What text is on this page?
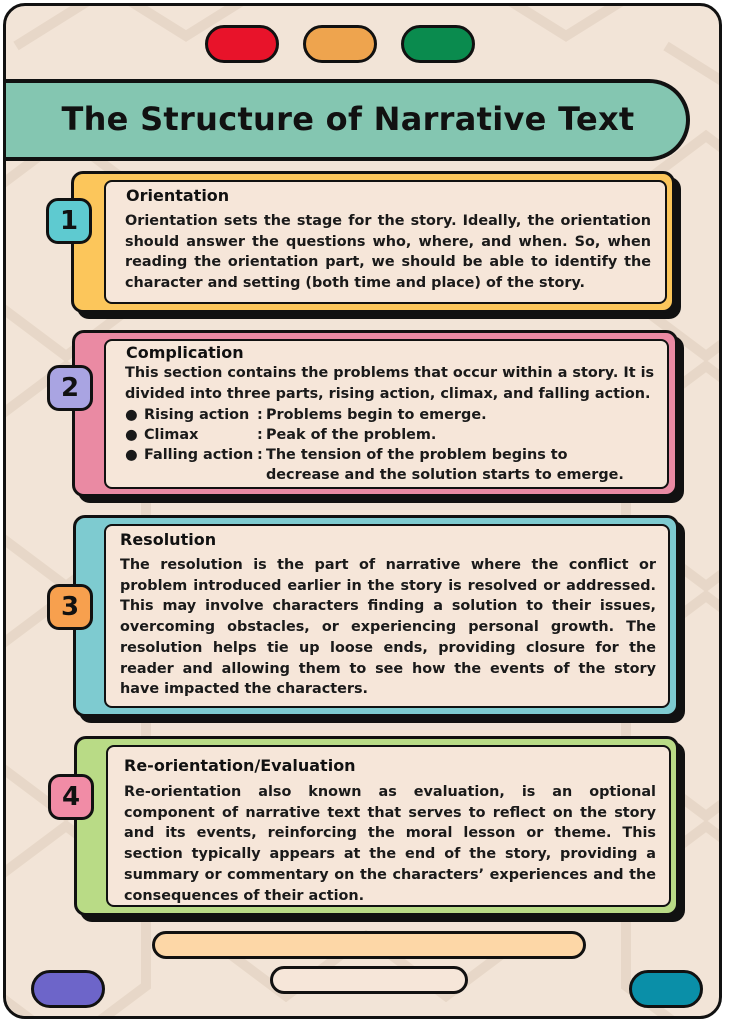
The Structure of Narrative Text
1
Orientation
Orientation sets the stage for the story. Ideally, the orientation should answer the questions who, where, and when. So, when reading the orientation part, we should be able to identify the character and setting (both time and place) of the story.
2
Complication
This section contains the problems that occur within a story. It is divided into three parts, rising action, climax, and falling action.
● Rising action : Problems begin to emerge.
● Climax	: Peak of the problem.
● Falling action : The tension of the problem begins to
decrease and the solution starts to emerge.
3
Resolution
The resolution is the part of narrative where the conflict or problem introduced earlier in the story is resolved or addressed. This may involve characters finding a solution to their issues, overcoming obstacles, or experiencing personal growth. The resolution helps tie up loose ends, providing closure for the reader and allowing them to see how the events of the story have impacted the characters.
4
Re-orientation/Evaluation
Re-orientation also known as evaluation, is an optional component of narrative text that serves to reflect on the story and its events, reinforcing the moral lesson or theme. This section typically appears at the end of the story, providing a summary or commentary on the characters’ experiences and the consequences of their action.
